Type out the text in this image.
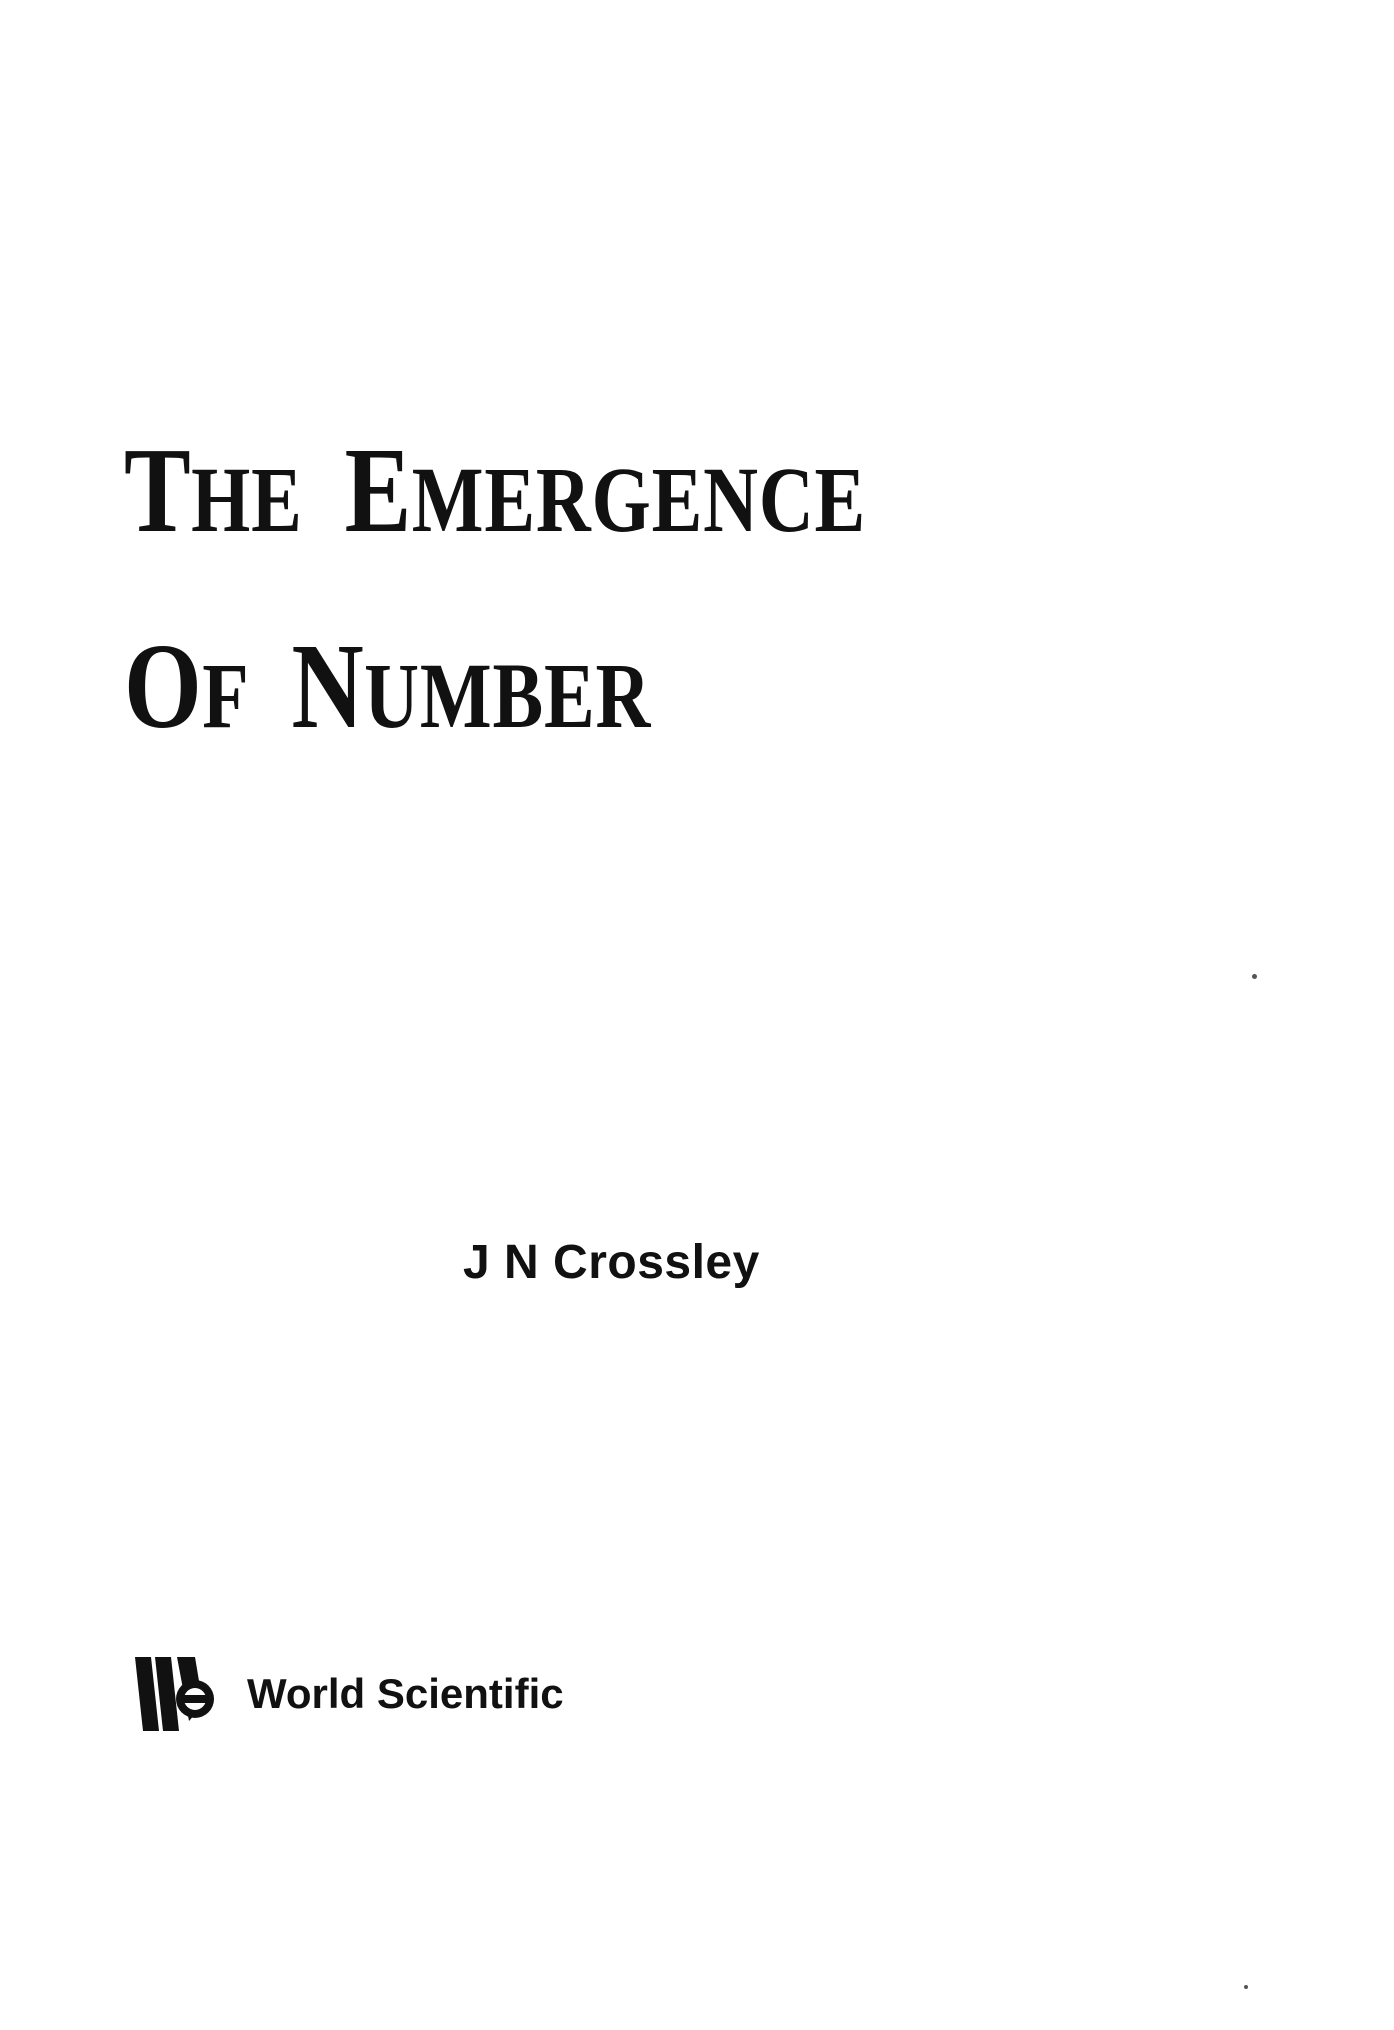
THE EMERGENCE
OF NUMBER
J N Crossley
World Scientific
